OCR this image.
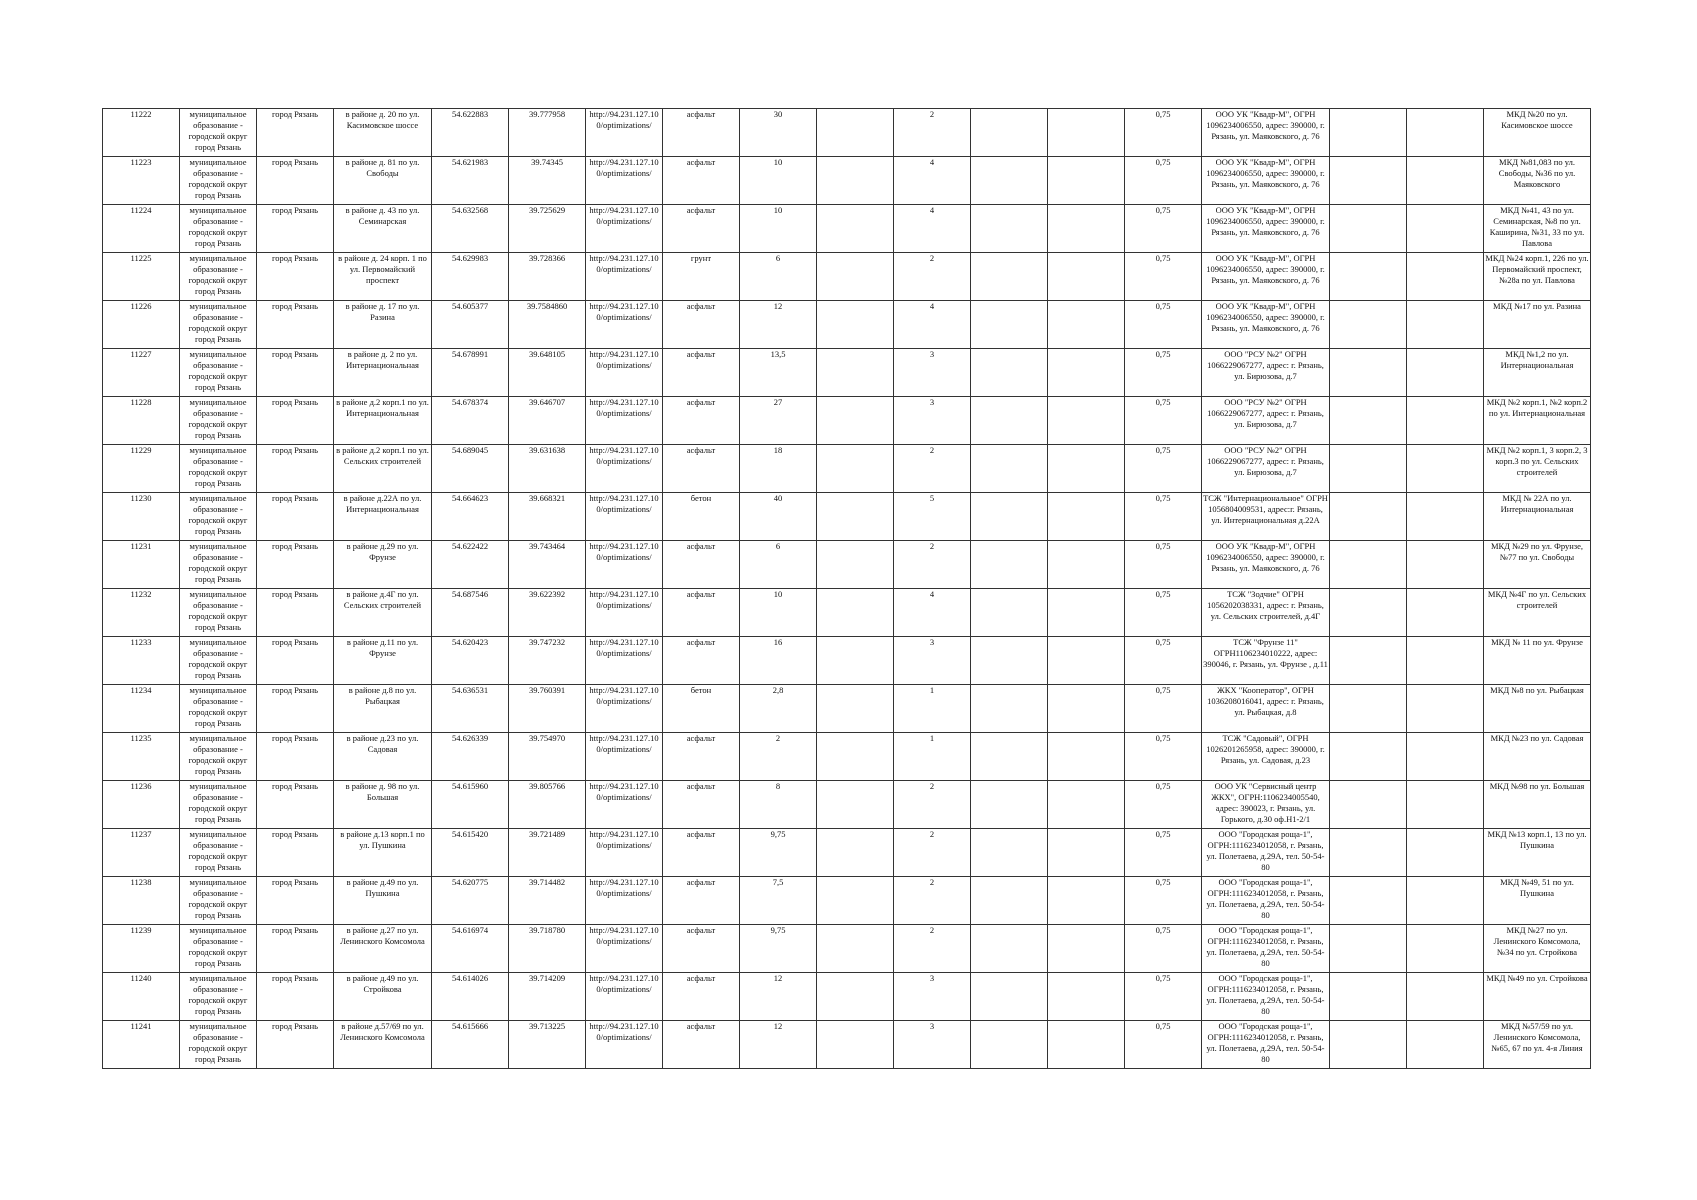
11222	муниципальное образование - городской округ город Рязань	город Рязань	в районе д. 20 по ул. Касимовское шоссе	54.622883	39.777958	http://94.231.127.10 0/optimizations/	асфальт	30		2			0,75	ООО УК "Квадр-М", ОГРН 1096234006550, адрес: 390000, г. Рязань, ул. Маяковского, д. 76			МКД №20 по ул. Касимовское шоссе
11223	муниципальное образование - городской округ город Рязань	город Рязань	в районе д. 81 по ул. Свободы	54.621983	39.74345	http://94.231.127.10 0/optimizations/	асфальт	10		4			0,75	ООО УК "Квадр-М", ОГРН 1096234006550, адрес: 390000, г. Рязань, ул. Маяковского, д. 76			МКД №81,083 по ул. Свободы, №36 по ул. Маяковского
11224	муниципальное образование - городской округ город Рязань	город Рязань	в районе д. 43 по ул. Семинарская	54.632568	39.725629	http://94.231.127.10 0/optimizations/	асфальт	10		4			0,75	ООО УК "Квадр-М", ОГРН 1096234006550, адрес: 390000, г. Рязань, ул. Маяковского, д. 76			МКД №41, 43 по ул. Семинарская, №8 по ул. Каширина, №31, 33 по ул. Павлова
11225	муниципальное образование - городской округ город Рязань	город Рязань	в районе д. 24 корп. 1 по ул. Первомайский проспект	54.629983	39.728366	http://94.231.127.10 0/optimizations/	грунт	6		2			0,75	ООО УК "Квадр-М", ОГРН 1096234006550, адрес: 390000, г. Рязань, ул. Маяковского, д. 76			МКД №24 корп.1, 226 по ул. Первомайский проспект, №28а по ул. Павлова
11226	муниципальное образование - городской округ город Рязань	город Рязань	в районе д. 17 по ул. Разина	54.605377	39.7584860	http://94.231.127.10 0/optimizations/	асфальт	12		4			0,75	ООО УК "Квадр-М", ОГРН 1096234006550, адрес: 390000, г. Рязань, ул. Маяковского, д. 76			МКД №17 по ул. Разина
11227	муниципальное образование - городской округ город Рязань	город Рязань	в районе д. 2 по ул. Интернациональная	54.678991	39.648105	http://94.231.127.10 0/optimizations/	асфальт	13,5		3			0,75	ООО "РСУ №2" ОГРН 1066229067277, адрес: г. Рязань, ул. Бирюзова, д.7			МКД №1,2 по ул. Интернациональная
11228	муниципальное образование - городской округ город Рязань	город Рязань	в районе д.2 корп.1 по ул. Интернациональная	54.678374	39.646707	http://94.231.127.10 0/optimizations/	асфальт	27		3			0,75	ООО "РСУ №2" ОГРН 1066229067277, адрес: г. Рязань, ул. Бирюзова, д.7			МКД №2 корп.1, №2 корп.2 по ул. Интернациональная
11229	муниципальное образование - городской округ город Рязань	город Рязань	в районе д.2 корп.1 по ул. Сельских строителей	54.689045	39.631638	http://94.231.127.10 0/optimizations/	асфальт	18		2			0,75	ООО "РСУ №2" ОГРН 1066229067277, адрес: г. Рязань, ул. Бирюзова, д.7			МКД №2 корп.1, 3 корп.2, 3 корп.3 по ул. Сельских строителей
11230	муниципальное образование - городской округ город Рязань	город Рязань	в районе д.22А по ул. Интернациональная	54.664623	39.668321	http://94.231.127.10 0/optimizations/	бетон	40		5			0,75	ТСЖ "Интернациональное" ОГРН 1056804009531, адрес:г. Рязань, ул. Интернациональная д.22А			МКД № 22А по ул. Интернациональная
11231	муниципальное образование - городской округ город Рязань	город Рязань	в районе д.29 по ул. Фрунзе	54.622422	39.743464	http://94.231.127.10 0/optimizations/	асфальт	6		2			0,75	ООО УК "Квадр-М", ОГРН 1096234006550, адрес: 390000, г. Рязань, ул. Маяковского, д. 76			МКД №29 по ул. Фрунзе, №77 по ул. Свободы
11232	муниципальное образование - городской округ город Рязань	город Рязань	в районе д.4Г по ул. Сельских строителей	54.687546	39.622392	http://94.231.127.10 0/optimizations/	асфальт	10		4			0,75	ТСЖ "Зодчие" ОГРН 1056202038331, адрес: г. Рязань, ул. Сельских строителей, д.4Г			МКД №4Г по ул. Сельских строителей
11233	муниципальное образование - городской округ город Рязань	город Рязань	в районе д.11 по ул. Фрунзе	54.620423	39.747232	http://94.231.127.10 0/optimizations/	асфальт	16		3			0,75	ТСЖ "Фрунзе 11" ОГРН1106234010222, адрес: 390046, г. Рязань, ул. Фрунзе , д.11			МКД № 11 по ул. Фрунзе
11234	муниципальное образование - городской округ город Рязань	город Рязань	в районе д.8 по ул. Рыбацкая	54.636531	39.760391	http://94.231.127.10 0/optimizations/	бетон	2,8		1			0,75	ЖКХ "Кооператор", ОГРН 1036208016041, адрес: г. Рязань, ул. Рыбацкая, д.8			МКД №8 по ул. Рыбацкая
11235	муниципальное образование - городской округ город Рязань	город Рязань	в районе д.23 по ул. Садовая	54.626339	39.754970	http://94.231.127.10 0/optimizations/	асфальт	2		1			0,75	ТСЖ "Садовый", ОГРН 1026201265958, адрес: 390000, г. Рязань, ул. Садовая, д.23			МКД №23 по ул. Садовая
11236	муниципальное образование - городской округ город Рязань	город Рязань	в районе д. 98 по ул. Большая	54.615960	39.805766	http://94.231.127.10 0/optimizations/	асфальт	8		2			0,75	ООО УК "Сервисный центр ЖКХ", ОГРН:1106234005540, адрес: 390023, г. Рязань, ул. Горького, д.30 оф.Н1-2/1			МКД №98 по ул. Большая
11237	муниципальное образование - городской округ город Рязань	город Рязань	в районе д.13 корп.1 по ул. Пушкина	54.615420	39.721489	http://94.231.127.10 0/optimizations/	асфальт	9,75		2			0,75	ООО "Городская роща-1", ОГРН:1116234012058, г. Рязань, ул. Полетаева, д.29А, тел. 50-54-80			МКД №13 корп.1, 13 по ул. Пушкина
11238	муниципальное образование - городской округ город Рязань	город Рязань	в районе д.49 по ул. Пушкина	54.620775	39.714482	http://94.231.127.10 0/optimizations/	асфальт	7,5		2			0,75	ООО "Городская роща-1", ОГРН:1116234012058, г. Рязань, ул. Полетаева, д.29А, тел. 50-54-80			МКД №49, 51 по ул. Пушкина
11239	муниципальное образование - городской округ город Рязань	город Рязань	в районе д.27 по ул. Ленинского Комсомола	54.616974	39.718780	http://94.231.127.10 0/optimizations/	асфальт	9,75		2			0,75	ООО "Городская роща-1", ОГРН:1116234012058, г. Рязань, ул. Полетаева, д.29А, тел. 50-54-80			МКД №27 по ул. Ленинского Комсомола, №34 по ул. Стройкова
11240	муниципальное образование - городской округ город Рязань	город Рязань	в районе д.49 по ул. Стройкова	54.614026	39.714209	http://94.231.127.10 0/optimizations/	асфальт	12		3			0,75	ООО "Городская роща-1", ОГРН:1116234012058, г. Рязань, ул. Полетаева, д.29А, тел. 50-54-80			МКД №49 по ул. Стройкова
11241	муниципальное образование - городской округ город Рязань	город Рязань	в районе д.57/69 по ул. Ленинского Комсомола	54.615666	39.713225	http://94.231.127.10 0/optimizations/	асфальт	12		3			0,75	ООО "Городская роща-1", ОГРН:1116234012058, г. Рязань, ул. Полетаева, д.29А, тел. 50-54-80			МКД №57/59 по ул. Ленинского Комсомола, №65, 67 по ул. 4-я Линия
